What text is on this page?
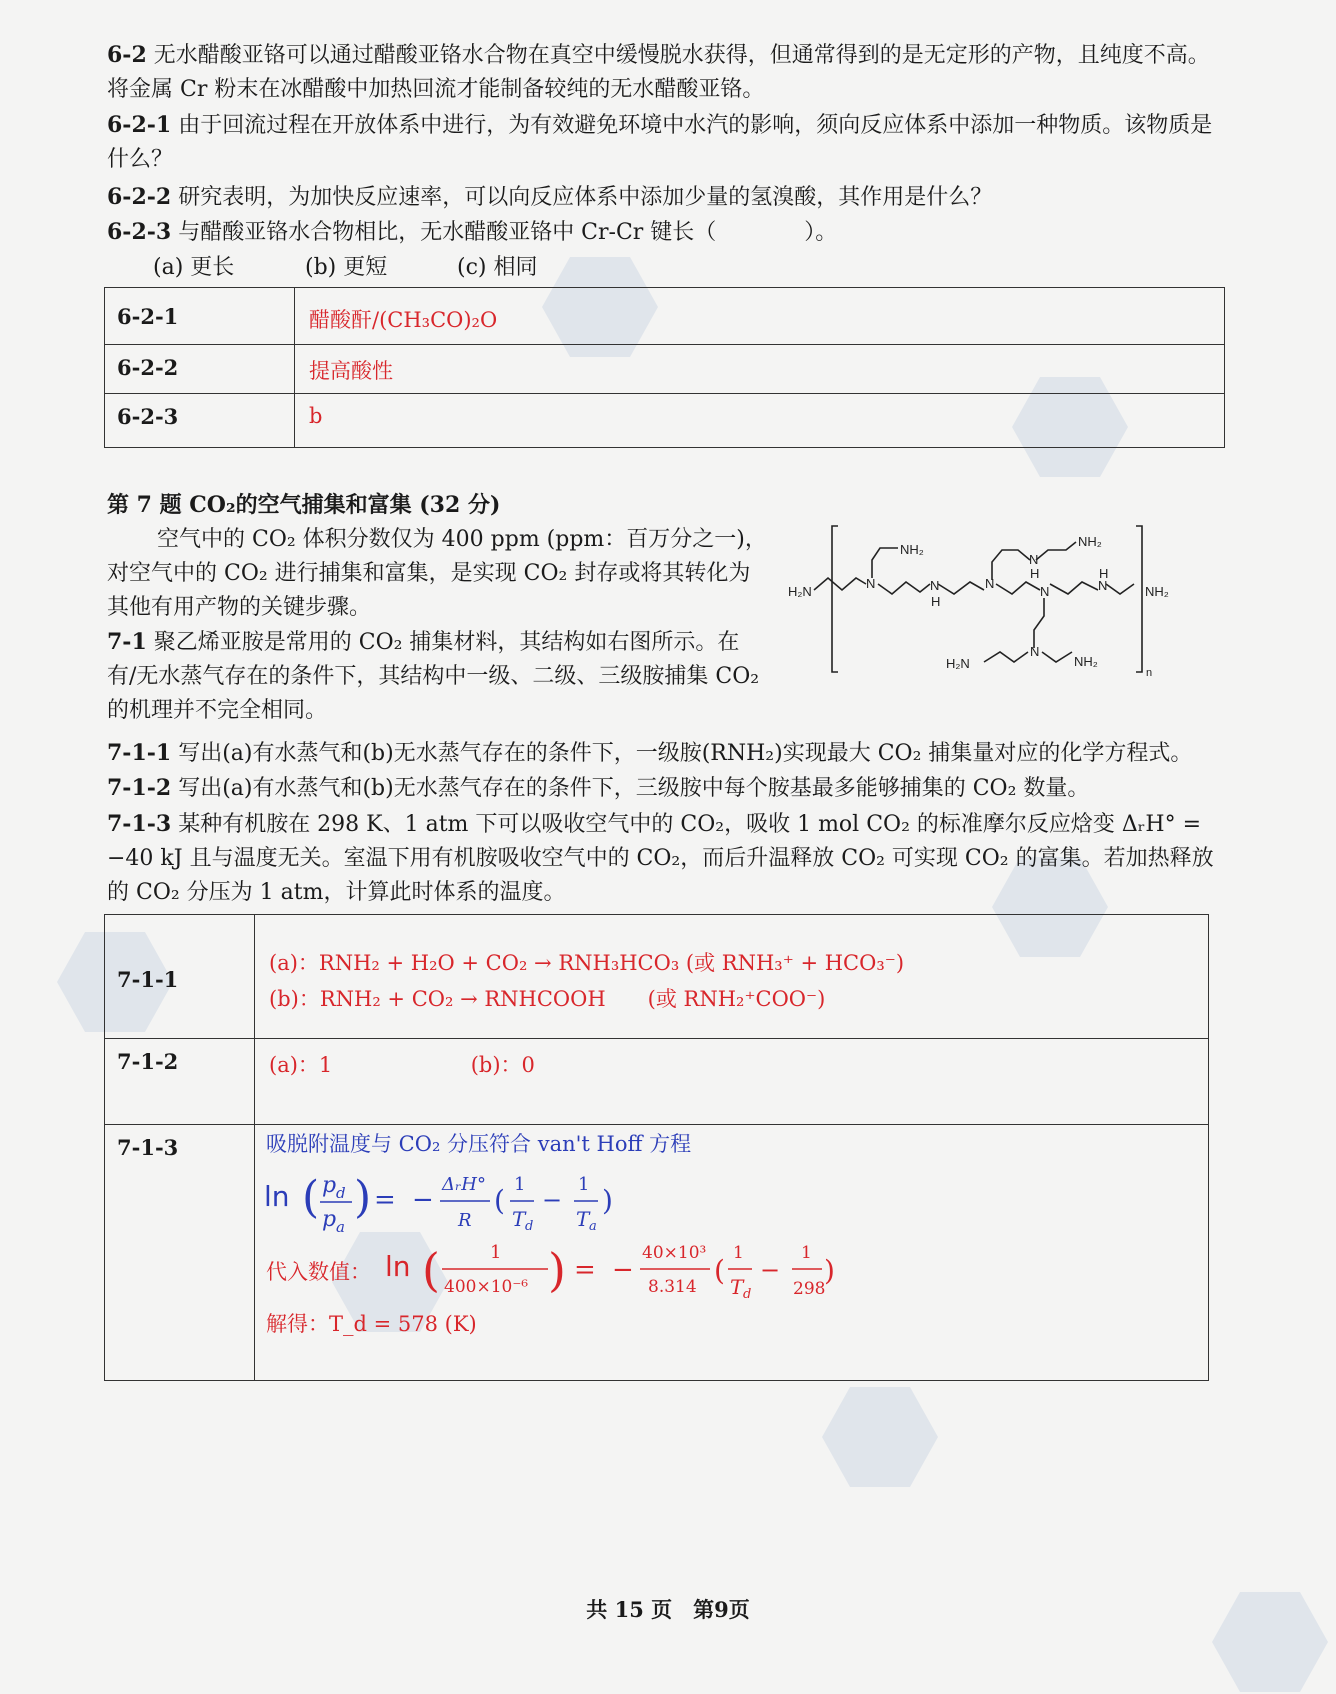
6-2 无水醋酸亚铬可以通过醋酸亚铬水合物在真空中缓慢脱水获得，但通常得到的是无定形的产物，且纯度不高。将金属 Cr 粉末在冰醋酸中加热回流才能制备较纯的无水醋酸亚铬。

6-2-1 由于回流过程在开放体系中进行，为有效避免环境中水汽的影响，须向反应体系中添加一种物质。该物质是什么？

6-2-2 研究表明，为加快反应速率，可以向反应体系中添加少量的氢溴酸，其作用是什么？

6-2-3 与醋酸亚铬水合物相比，无水醋酸亚铬中 Cr-Cr 键长（　　　　）。

(a) 更长	(b) 更短	(c) 相同

6-2-1	醋酸酐/(CH₃CO)₂O
6-2-2	提高酸性
6-2-3	b

第 7 题 CO₂的空气捕集和富集 (32 分)

空气中的 CO₂ 体积分数仅为 400 ppm (ppm：百万分之一)，对空气中的 CO₂ 进行捕集和富集，是实现 CO₂ 封存或将其转化为其他有用产物的关键步骤。

7-1 聚乙烯亚胺是常用的 CO₂ 捕集材料，其结构如右图所示。在有/无水蒸气存在的条件下，其结构中一级、二级、三级胺捕集 CO₂ 的机理并不完全相同。

H₂N
N
NH₂
N
H
N
N
H
NH₂
N	N
H
NH₂
N
H₂N	NH₂
n

7-1-1 写出(a)有水蒸气和(b)无水蒸气存在的条件下，一级胺(RNH₂)实现最大 CO₂ 捕集量对应的化学方程式。

7-1-2 写出(a)有水蒸气和(b)无水蒸气存在的条件下，三级胺中每个胺基最多能够捕集的 CO₂ 数量。

7-1-3 某种有机胺在 298 K、1 atm 下可以吸收空气中的 CO₂，吸收 1 mol CO₂ 的标准摩尔反应焓变 ΔᵣH° = −40 kJ 且与温度无关。室温下用有机胺吸收空气中的 CO₂，而后升温释放 CO₂ 可实现 CO₂ 的富集。若加热释放的 CO₂ 分压为 1 atm，计算此时体系的温度。

7-1-1	(a)：RNH₂ + H₂O + CO₂ → RNH₃HCO₃ (或 RNH₃⁺ + HCO₃⁻)
(b)：RNH₂ + CO₂ → RNHCOOH　　(或 RNH₂⁺COO⁻)

7-1-2	(a)：1 (b)：0
7-1-3		吸脱附温度与 CO₂ 分压符合 van't Hoff 方程
ln ( p d
p a
) = −
ΔᵣH°
R
( 1
T d
−
1
T a
)
代入数值： ln (	1
400×10⁻⁶ ) = −
40×10³
8.314 (
1
T d
−
1
298
)
解得：T_d = 578 (K)
共 15 页　第9页
